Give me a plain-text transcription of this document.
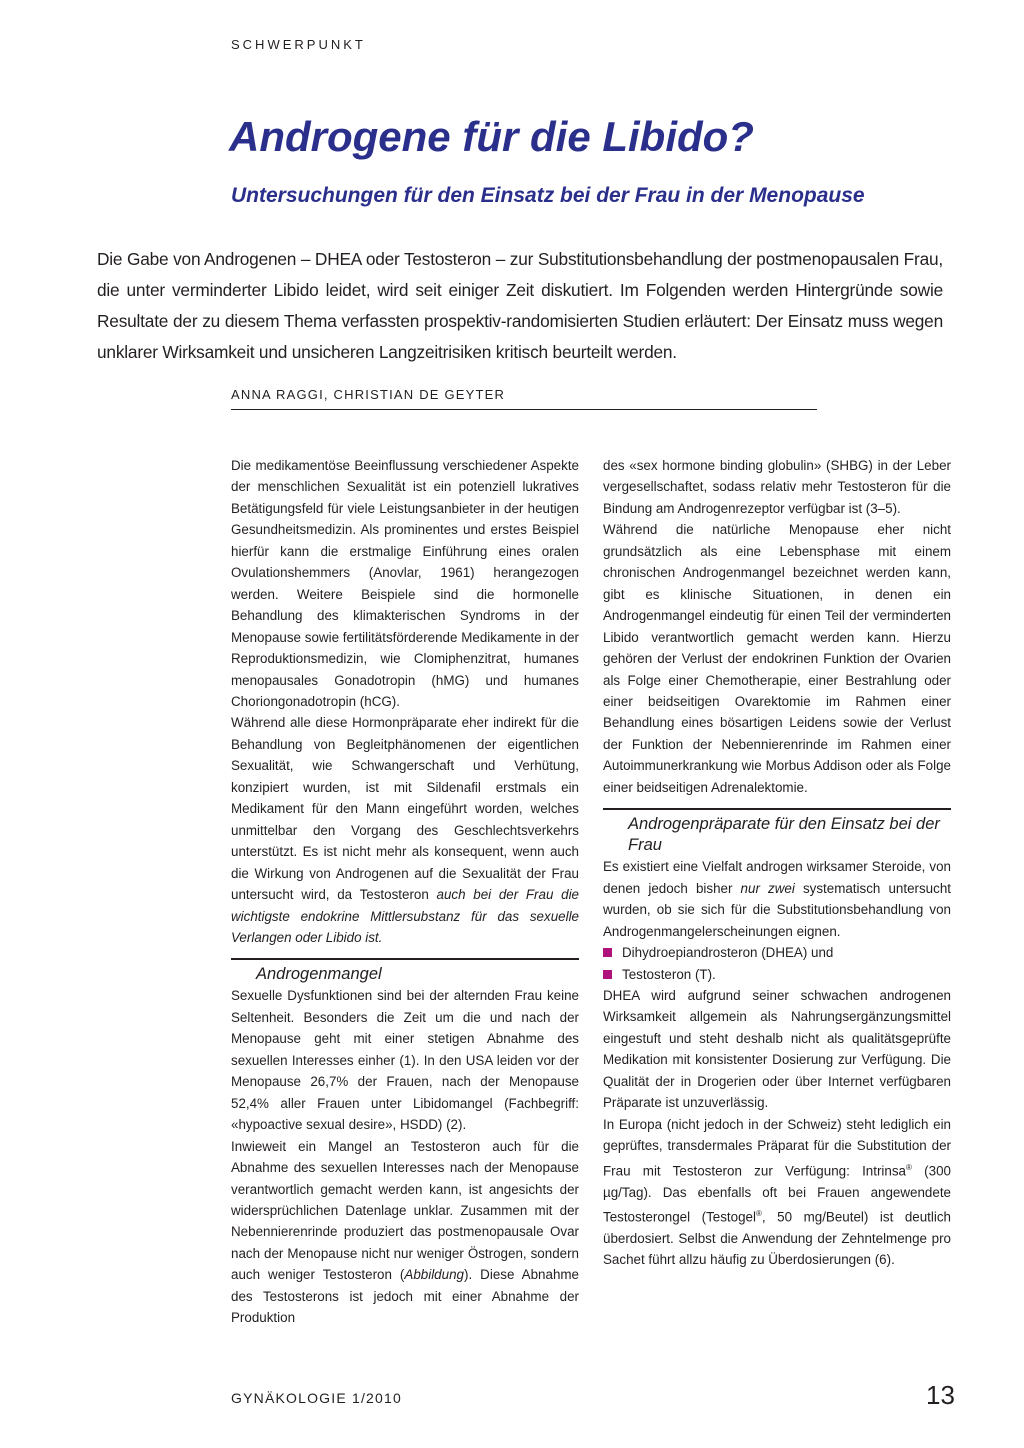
SCHWERPUNKT
Androgene für die Libido?
Untersuchungen für den Einsatz bei der Frau in der Menopause

Die Gabe von Androgenen – DHEA oder Testosteron – zur Substitutionsbehandlung der postmenopausalen Frau, die unter verminderter Libido leidet, wird seit einiger Zeit diskutiert. Im Folgenden werden Hintergründe sowie Resultate der zu diesem Thema verfassten prospektiv-randomisierten Studien erläutert: Der Einsatz muss wegen unklarer Wirksamkeit und unsicheren Langzeitrisiken kritisch beurteilt werden.

ANNA RAGGI, CHRISTIAN DE GEYTER

Die medikamentöse Beeinflussung verschiedener Aspekte der menschlichen Sexualität ist ein potenziell lukratives Betätigungsfeld für viele Leistungsanbieter in der heutigen Gesundheitsmedizin. Als prominentes und erstes Beispiel hierfür kann die erstmalige Einführung eines oralen Ovulationshemmers (Anovlar, 1961) herangezogen werden. Weitere Beispiele sind die hormonelle Behandlung des klimakterischen Syndroms in der Menopause sowie fertilitätsförderende Medikamente in der Reproduktionsmedizin, wie Clomiphenzitrat, humanes menopausales Gonadotropin (hMG) und humanes Choriongonadotropin (hCG).

Während alle diese Hormonpräparate eher indirekt für die Behandlung von Begleitphänomenen der eigentlichen Sexualität, wie Schwangerschaft und Verhütung, konzipiert wurden, ist mit Sildenafil erstmals ein Medikament für den Mann eingeführt worden, welches unmittelbar den Vorgang des Geschlechtsverkehrs unterstützt. Es ist nicht mehr als konsequent, wenn auch die Wirkung von Androgenen auf die Sexualität der Frau untersucht wird, da Testosteron auch bei der Frau die wichtigste endokrine Mittlersubstanz für das sexuelle Verlangen oder Libido ist.

Androgenmangel

Sexuelle Dysfunktionen sind bei der alternden Frau keine Seltenheit. Besonders die Zeit um die und nach der Menopause geht mit einer stetigen Abnahme des sexuellen Interesses einher (1). In den USA leiden vor der Menopause 26,7% der Frauen, nach der Menopause 52,4% aller Frauen unter Libidomangel (Fachbegriff: «hypoactive sexual desire», HSDD) (2).

Inwieweit ein Mangel an Testosteron auch für die Abnahme des sexuellen Interesses nach der Menopause verantwortlich gemacht werden kann, ist angesichts der widersprüchlichen Datenlage unklar. Zusammen mit der Nebennierenrinde produziert das postmenopausale Ovar nach der Menopause nicht nur weniger Östrogen, sondern auch weniger Testosteron (Abbildung). Diese Abnahme des Testosterons ist jedoch mit einer Abnahme der Produktion

des «sex hormone binding globulin» (SHBG) in der Leber vergesellschaftet, sodass relativ mehr Testosteron für die Bindung am Androgenrezeptor verfügbar ist (3–5).

Während die natürliche Menopause eher nicht grundsätzlich als eine Lebensphase mit einem chronischen Androgenmangel bezeichnet werden kann, gibt es klinische Situationen, in denen ein Androgenmangel eindeutig für einen Teil der verminderten Libido verantwortlich gemacht werden kann. Hierzu gehören der Verlust der endokrinen Funktion der Ovarien als Folge einer Chemotherapie, einer Bestrahlung oder einer beidseitigen Ovarektomie im Rahmen einer Behandlung eines bösartigen Leidens sowie der Verlust der Funktion der Nebennierenrinde im Rahmen einer Autoimmunerkrankung wie Morbus Addison oder als Folge einer beidseitigen Adrenalektomie.

Androgenpräparate für den Einsatz bei der Frau

Es existiert eine Vielfalt androgen wirksamer Steroide, von denen jedoch bisher nur zwei systematisch untersucht wurden, ob sie sich für die Substitutionsbehandlung von Androgenmangelerscheinungen eignen.

Dihydroepiandrosteron (DHEA) und
Testosteron (T).

DHEA wird aufgrund seiner schwachen androgenen Wirksamkeit allgemein als Nahrungsergänzungsmittel eingestuft und steht deshalb nicht als qualitätsgeprüfte Medikation mit konsistenter Dosierung zur Verfügung. Die Qualität der in Drogerien oder über Internet verfügbaren Präparate ist unzuverlässig.

In Europa (nicht jedoch in der Schweiz) steht lediglich ein geprüftes, transdermales Präparat für die Substitution der Frau mit Testosteron zur Verfügung: Intrinsa® (300 µg/Tag). Das ebenfalls oft bei Frauen angewendete Testosterongel (Testogel®, 50 mg/Beutel) ist deutlich überdosiert. Selbst die Anwendung der Zehntelmenge pro Sachet führt allzu häufig zu Überdosierungen (6).

GYNÄKOLOGIE 1/2010	13
